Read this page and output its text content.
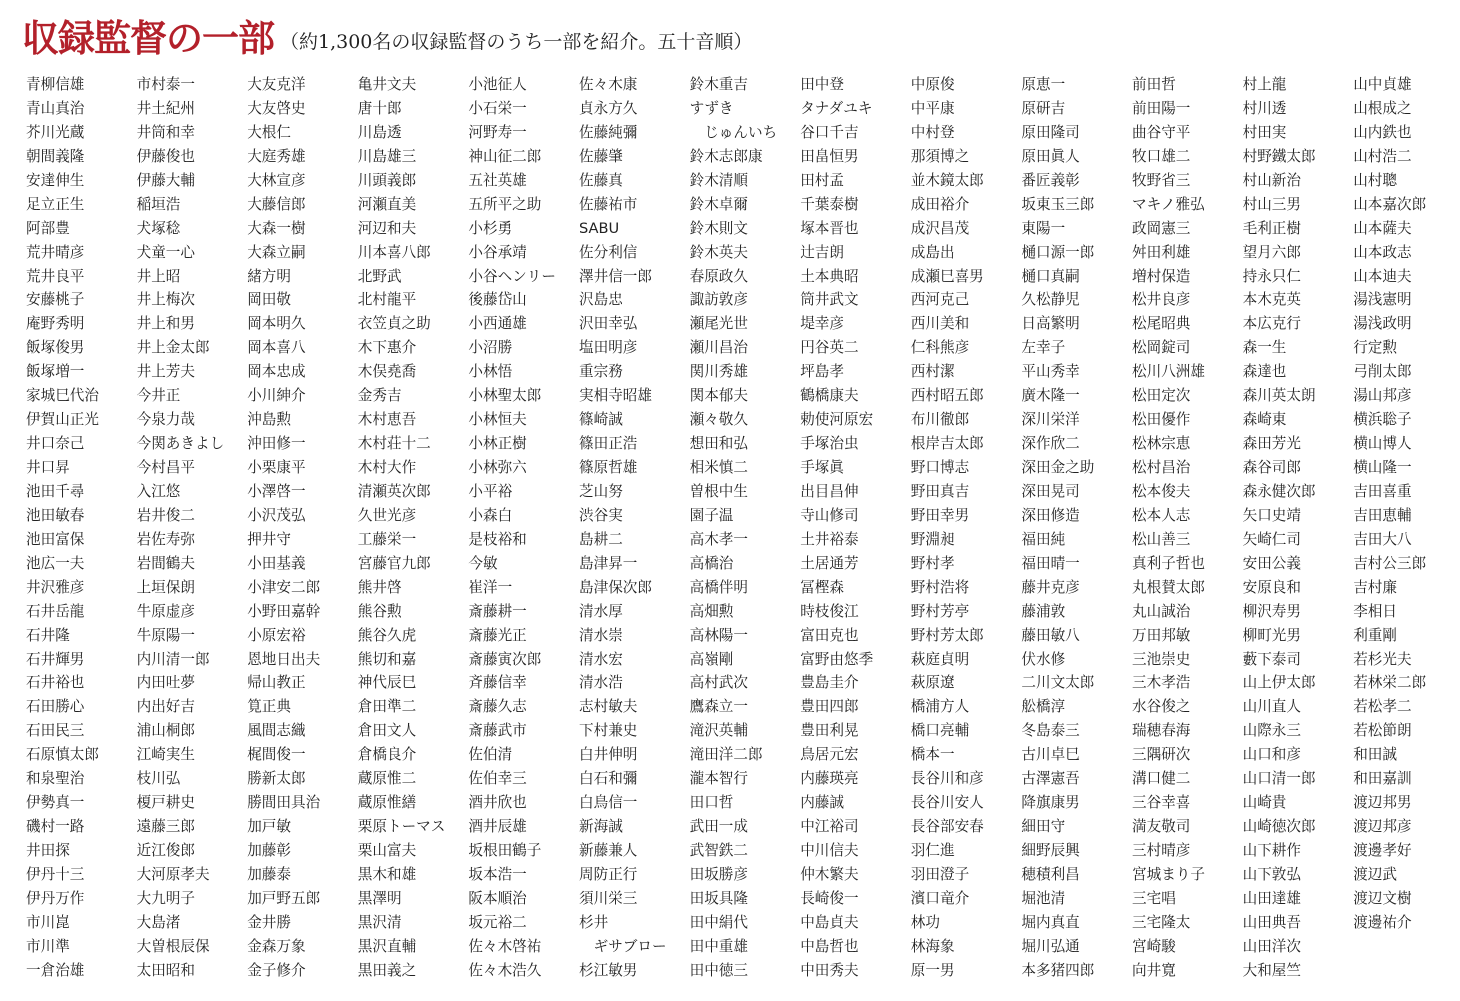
収録監督の一部 （約1,300名の収録監督のうち一部を紹介。五十音順）
青柳信雄
青山真治
芥川光蔵
朝間義隆
安達伸生
足立正生
阿部豊
荒井晴彦
荒井良平
安藤桃子
庵野秀明
飯塚俊男
飯塚増一
家城巳代治
伊賀山正光
井口奈己
井口昇
池田千尋
池田敏春
池田富保
池広一夫
井沢雅彦
石井岳龍
石井隆
石井輝男
石井裕也
石田勝心
石田民三
石原慎太郎
和泉聖治
伊勢真一
磯村一路
井田探
伊丹十三
伊丹万作
市川崑
市川準
一倉治雄
市村泰一
井土紀州
井筒和幸
伊藤俊也
伊藤大輔
稲垣浩
犬塚稔
犬童一心
井上昭
井上梅次
井上和男
井上金太郎
井上芳夫
今井正
今泉力哉
今関あきよし
今村昌平
入江悠
岩井俊二
岩佐寿弥
岩間鶴夫
上垣保朗
牛原虚彦
牛原陽一
内川清一郎
内田吐夢
内出好吉
浦山桐郎
江崎実生
枝川弘
榎戸耕史
遠藤三郎
近江俊郎
大河原孝夫
大九明子
大島渚
大曽根辰保
太田昭和
大友克洋
大友啓史
大根仁
大庭秀雄
大林宣彦
大藤信郎
大森一樹
大森立嗣
緒方明
岡田敬
岡本明久
岡本喜八
岡本忠成
小川紳介
沖島勲
沖田修一
小栗康平
小澤啓一
小沢茂弘
押井守
小田基義
小津安二郎
小野田嘉幹
小原宏裕
恩地日出夫
帰山教正
筧正典
風間志織
梶間俊一
勝新太郎
勝間田具治
加戸敏
加藤彰
加藤泰
加戸野五郎
金井勝
金森万象
金子修介
亀井文夫
唐十郎
川島透
川島雄三
川頭義郎
河瀬直美
河辺和夫
川本喜八郎
北野武
北村龍平
衣笠貞之助
木下惠介
木俣堯喬
金秀吉
木村恵吾
木村荘十二
木村大作
清瀬英次郎
久世光彦
工藤栄一
宮藤官九郎
熊井啓
熊谷勲
熊谷久虎
熊切和嘉
神代辰巳
倉田準二
倉田文人
倉橋良介
蔵原惟二
蔵原惟繕
栗原トーマス
栗山富夫
黒木和雄
黒澤明
黒沢清
黒沢直輔
黒田義之
小池征人
小石栄一
河野寿一
神山征二郎
五社英雄
五所平之助
小杉勇
小谷承靖
小谷ヘンリー
後藤岱山
小西通雄
小沼勝
小林悟
小林聖太郎
小林恒夫
小林正樹
小林弥六
小平裕
小森白
是枝裕和
今敏
崔洋一
斎藤耕一
斎藤光正
斎藤寅次郎
斉藤信幸
斎藤久志
斎藤武市
佐伯清
佐伯幸三
酒井欣也
酒井辰雄
坂根田鶴子
坂本浩一
阪本順治
坂元裕二
佐々木啓祐
佐々木浩久
佐々木康
貞永方久
佐藤純彌
佐藤肇
佐藤真
佐藤祐市
SABU
佐分利信
澤井信一郎
沢島忠
沢田幸弘
塩田明彦
重宗務
実相寺昭雄
篠崎誠
篠田正浩
篠原哲雄
芝山努
渋谷実
島耕二
島津昇一
島津保次郎
清水厚
清水崇
清水宏
清水浩
志村敏夫
下村兼史
白井伸明
白石和彌
白鳥信一
新海誠
新藤兼人
周防正行
須川栄三
杉井
　ギサブロー
杉江敏男
鈴木重吉
すずき
　じゅんいち
鈴木志郎康
鈴木清順
鈴木卓爾
鈴木則文
鈴木英夫
春原政久
諏訪敦彦
瀬尾光世
瀬川昌治
関川秀雄
関本郁夫
瀬々敬久
想田和弘
相米慎二
曽根中生
園子温
高木孝一
高橋治
高橋伴明
高畑勲
高林陽一
高嶺剛
高村武次
鷹森立一
滝沢英輔
滝田洋二郎
瀧本智行
田口哲
武田一成
武智鉄二
田坂勝彦
田坂具隆
田中絹代
田中重雄
田中徳三
田中登
タナダユキ
谷口千吉
田畠恒男
田村孟
千葉泰樹
塚本晋也
辻吉朗
土本典昭
筒井武文
堤幸彦
円谷英二
坪島孝
鶴橋康夫
勅使河原宏
手塚治虫
手塚眞
出目昌伸
寺山修司
土井裕泰
土居通芳
冨樫森
時枝俊江
富田克也
富野由悠季
豊島圭介
豊田四郎
豊田利晃
鳥居元宏
内藤瑛亮
内藤誠
中江裕司
中川信夫
仲木繁夫
長崎俊一
中島貞夫
中島哲也
中田秀夫
中原俊
中平康
中村登
那須博之
並木鏡太郎
成田裕介
成沢昌茂
成島出
成瀬巳喜男
西河克己
西川美和
仁科熊彦
西村潔
西村昭五郎
布川徹郎
根岸吉太郎
野口博志
野田真吉
野田幸男
野淵昶
野村孝
野村浩将
野村芳亭
野村芳太郎
萩庭貞明
萩原遼
橋浦方人
橋口亮輔
橋本一
長谷川和彦
長谷川安人
長谷部安春
羽仁進
羽田澄子
濱口竜介
林功
林海象
原一男
原恵一
原研吉
原田隆司
原田眞人
番匠義彰
坂東玉三郎
東陽一
樋口源一郎
樋口真嗣
久松静児
日高繁明
左幸子
平山秀幸
廣木隆一
深川栄洋
深作欣二
深田金之助
深田晃司
深田修造
福田純
福田晴一
藤井克彦
藤浦敦
藤田敏八
伏水修
二川文太郎
舩橋淳
冬島泰三
古川卓巳
古澤憲吾
降旗康男
細田守
細野辰興
穂積利昌
堀池清
堀内真直
堀川弘通
本多猪四郎
前田哲
前田陽一
曲谷守平
牧口雄二
牧野省三
マキノ雅弘
政岡憲三
舛田利雄
増村保造
松井良彦
松尾昭典
松岡錠司
松川八洲雄
松田定次
松田優作
松林宗恵
松村昌治
松本俊夫
松本人志
松山善三
真利子哲也
丸根賛太郎
丸山誠治
万田邦敏
三池崇史
三木孝浩
水谷俊之
瑞穂春海
三隅研次
溝口健二
三谷幸喜
満友敬司
三村晴彦
宮城まり子
三宅唱
三宅隆太
宮崎駿
向井寛
村上龍
村川透
村田実
村野鐵太郎
村山新治
村山三男
毛利正樹
望月六郎
持永只仁
本木克英
本広克行
森一生
森達也
森川英太朗
森崎東
森田芳光
森谷司郎
森永健次郎
矢口史靖
矢崎仁司
安田公義
安原良和
柳沢寿男
柳町光男
藪下泰司
山上伊太郎
山川直人
山際永三
山口和彦
山口清一郎
山崎貴
山崎徳次郎
山下耕作
山下敦弘
山田達雄
山田典吾
山田洋次
大和屋竺
山中貞雄
山根成之
山内鉄也
山村浩二
山村聰
山本嘉次郎
山本薩夫
山本政志
山本迪夫
湯浅憲明
湯浅政明
行定勲
弓削太郎
湯山邦彦
横浜聡子
横山博人
横山隆一
吉田喜重
吉田恵輔
吉田大八
吉村公三郎
吉村廉
李相日
利重剛
若杉光夫
若林栄二郎
若松孝二
若松節朗
和田誠
和田嘉訓
渡辺邦男
渡辺邦彦
渡邊孝好
渡辺武
渡辺文樹
渡邊祐介
